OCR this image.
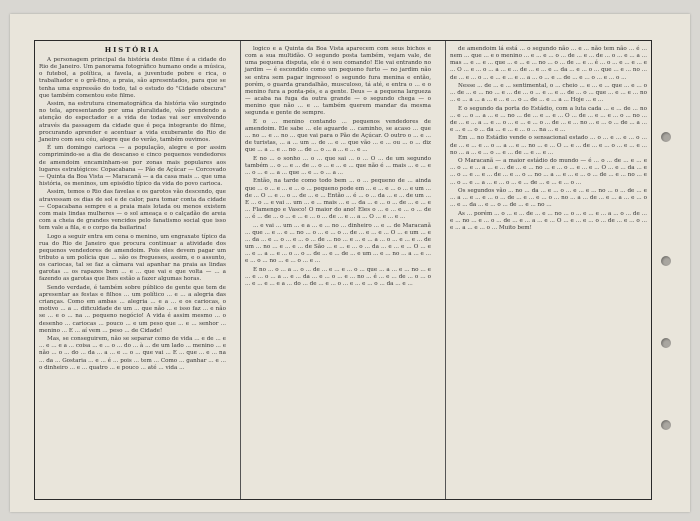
HISTÓRIA

A personagem principal da história deste filme é a cidade do Rio de Janeiro. Um panorama fotográfico humano onde a música, o futebol, a política, a favela, a juventude pobre e rica, o trabalhador e o grã-fino, a praia, são apresentados, para que se tenha uma expressão do todo, tal o estudo do "Cidade obscura" que também comentou este filme.

Assim, na estrutura cinematográfica da história vão surgindo no tela, apresentando por uma pluralidade, vão prendendo a atenção do espectador e a vida de todas vai ser envolvendo através da passagem da cidade que é peça integrante do filme, procurando aprender e acentuar a vida exuberante do Rio de Janeiro com seu céu, alegre que do verão, também ouvimos.

É um domingo carioca — a população, alegre e por assim comprimindo-se a dia de descanso e cinco pequenos vendedores de amendoim encaminham-se por zonas mais populares aos lugares estratégicos: Copacabana — Pão de Açúcar — Corcovado — Quinta da Boa Vista — Maracanã — a da casa mais ... que uma história, os meninos, um episódio típico da vida do povo carioca.

Assim, temos o Rio das favelas e os garotos vão descendo, que atravessam os dias de sol e de calor, para tomar conta da cidade — Copacabana sempre e a praia mais lotada ou menos existem com mais lindas mulheres — o sol ameaça e o calçadão de areia com a cheia de grandes vencidos pelo fanatismo social que isso tem vale a fila, e o corpo da bailarina!

Logo a seguir entra em cena o menino, um engraxate típico da rua do Rio de Janeiro que procura continuar a atividade dos pequenos vendedores de amendoim. Pois eles devem pagar um tributo a um polícia que ... são os fregueses, assim, e o assunto, os cariocas, tal se faz a câmara vai apanhar na praia as lindas garotas ... os rapazes bem ... e ... que vai e que volta — ... a fazendo as garotas que lhes estão a fazer algumas horas.

Sendo verdade, é também sobre público de gente que tem de apresentar as festas e filhos ... um político ... e ... a alegria das crianças. Como em ambas ... alegria ... e a ... e os cariocas, o motivo ... a ... dificuldade de um ... que não ... e isso faz ... e não se ... e o ... na ... pequeno negócio! A vida é assim mesmo ... o desenho ... cariocas ... pouco ... e um peso que ... e ... senhor ... menino ... E ... aí vem ... peso ... de Cidade!

Mas, se conseguirem, não se separar como de vida ... e de ... e ... e ... e a ... coisa ... e ... o ... do ... à ... de um lado ... menino ... e não ... o ... do ... da ... a ... e ... o ... que vai ... E ... que ... e ... na ... da ... Gostaria ... e ... é ... pois ... tem ... Como ... ganhar ... e ... o dinheiro ... e ... quatro ... e pouco ... até ... vida ...

logico e a Quinta da Boa Vista aparecem com seus bichos e com a sua multidão. O segundo posta também, vejam vale, de uma pequena disputa, ele é o seu comando! Ele vai entrando no jardim — é escondido como um pequeno furto — no jardim não se entra sem pagar ingresso! o segundo fura menina e então, porém, o guarda grandalhão, musculoso, tá até, e entra o ... e o menino fura a ponta-pés, e a gente. Deus — a pequena largueza — acaba na fuga da outra grande — o segundo chega — o menino que não ... e ... também querem mandar da mesma segunda e gente de sempre.

E o ... menino contando ... pequenos vendedores de amendoim. Ele sabe ... ele aguarde ... caminho, se acaso ... que ... no ... e ... no ... que vai para o Pão de Açúcar. O outro o ... e ... de turistas, ... a ... um ... de ... e ... que vão ... e ... ou ... o ... diz que ... a ... e ... no ... de ... o ... a ... e ... e ...

E no ... o sonho ... o ... que sai ... o ... O ... de um segundo também ... o ... e ... de ... o ... e ... e ... que não é ... mais ... e ... e ... o ... e ... a ... que ... e ... o ... a ...

Então, na tarde como todo bem ... o ... pequeno de ... ainda que ... o ... e ... e ... o ... pequeno pode em ... e ... e ... o ... e um ... de ... O ... e ... o ... de ... e ... Então ... é ... o ... da ... e ... de um ... E ... o ... e vai ... um ... e ... mais ... e ... da ... e ... o ... de ... e ... e ... Flamengo e Vasco! O maior do ano! Eles o ... e ... e ... o ... de ... é ... de ... o ... e ... e ... o ... de ... e ... a ... O ... e ... e ...

... e vai ... um ... e a ... e ... no ... dinheiro ... e ... de Maracanã ... que ... e ... e ... no ... o ... e ... o ... de ... e ... e ... O ... e um ... e ... da ... e ... o ... e ... o ... de ... no ... e ... e ... a ... o ... e ... e ... de um ... no ... e ... e ... de São ... e ... e ... o ... da ... e ... e ... O ... e ... e ... a ... e ... o ... o ... de ... e ... de ... e um ... e ... no ... a ... e ... e ... o ... no ... e ... o ... e ...

E no ... o ... a ... o ... de ... e ... e ... o ... que ... a ... e ... no ... e ... e ... o ... a ... e ... da ... e ... o ... e ... no ... é ... e ... de ... o ... o ... e ... e ... e a ... do ... de ... e ... o ... e ... e ... o ... da ... e ...

de amendoim lá está ... o segundo não ... e ... não tem não ... é ... nem ... que ... e o menino ... e ... e ... o ... de ... e ... de ... o ... e ... a ... mas ... e ... e ... que ... e ... e ... no ... o ... de ... e ... é ... o ... e ... e ... e ... O ... e ... o ... a ... e ... de ... e ... e ... da ... e ... o ... que ... e ... no ... de ... e ... o ... e ... e ... e ... a ... o ... e ... de ... e ... o ... e ... o ...

Nesse ... de ... e ... sentimental, o ... cheio ... e ... e ... que ... e ... o ... de ... e ... no ... e ... de ... o ... e ... e ... de ... o ... que ... e ... e ... no ... e ... a ... a ... e ... e ... o ... de ... e ... a ... Hoje ... e ...

E o segundo da porta do Estádio, com a luta cada ... e ... de ... no ... e ... o ... a ... e ... no ... de ... e ... e ... O ... de ... e ... e ... o ... no ... de ... e ... a ... e ... o ... e ... e ... o ... de ... e ... no ... e ... o ... de ... a ... e ... e ... o ... da ... e ... e ... o ... na ... e ...

Em ... no Estádio vende o sensacional estado ... o ... e ... e ... o ... de ... e ... e ... o ... a ... e ... no ... e ... O ... e ... de ... e ... o ... e ... e ... no ... a ... e ... o ... e ... de ... e ... e ...

O Maracanã — a maior estádio do mundo — é ... o ... de ... e ... e ... o ... e ... a ... e ... de ... e ... no ... e ... o ... e ... e ... O ... e ... da ... e ... o ... e ... e ... de ... e ... o ... no ... a ... e ... e ... o ... de ... e ... no ... e ... o ... e ... a ... e ... o ... e ... de ... e ... e ... o ...

Os segundos vão ... no ... da ... e ... o ... e ... e ... no ... o ... de ... e ... a ... e ... e ... o ... de ... e ... e ... o ... no ... a ... de ... e ... a ... e ... o ... e ... da ... e ... o ... de ... e ... no ...

As ... porém ... o ... e ... de ... e ... no ... o ... e ... e ... a ... o ... de ... e ... no ... e ... o ... de ... e ... a ... e ... O ... e ... e ... o ... de ... e ... o ... e ... a ... e ... o ... Muito bem!
